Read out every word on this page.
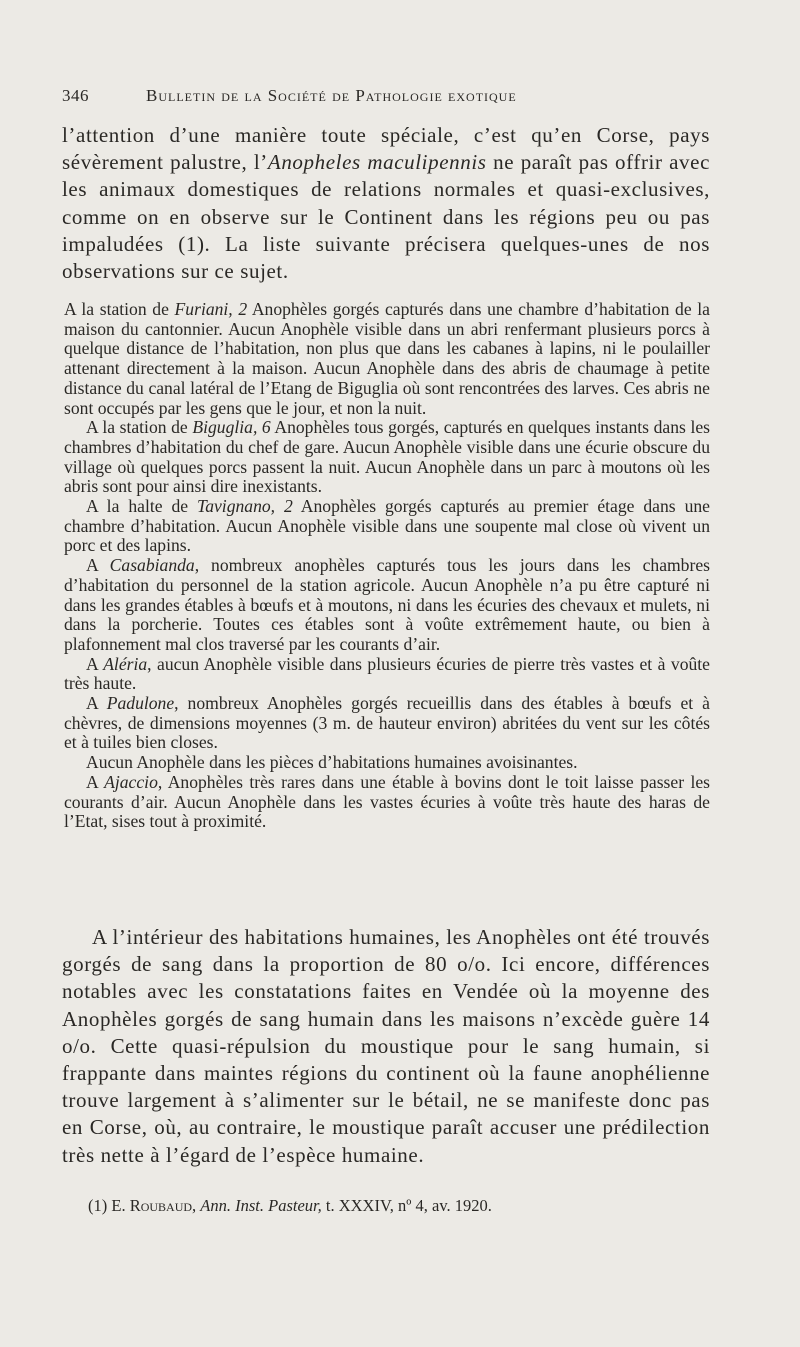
346	Bulletin de la Société de Pathologie exotique

l’attention d’une manière toute spéciale, c’est qu’en Corse, pays sévèrement palustre, l’Anopheles maculipennis ne paraît pas offrir avec les animaux domestiques de relations normales et quasi-exclusives, comme on en observe sur le Continent dans les régions peu ou pas impaludées (1). La liste suivante précisera quelques-unes de nos observations sur ce sujet.

A la station de Furiani, 2 Anophèles gorgés capturés dans une chambre d’habitation de la maison du cantonnier. Aucun Anophèle visible dans un abri renfermant plusieurs porcs à quelque distance de l’habitation, non plus que dans les cabanes à lapins, ni le poulailler attenant directement à la maison. Aucun Anophèle dans des abris de chaumage à petite distance du canal latéral de l’Etang de Biguglia où sont rencontrées des larves. Ces abris ne sont occupés par les gens que le jour, et non la nuit.

A la station de Biguglia, 6 Anophèles tous gorgés, capturés en quelques instants dans les chambres d’habitation du chef de gare. Aucun Anophèle visible dans une écurie obscure du village où quelques porcs passent la nuit. Aucun Anophèle dans un parc à moutons où les abris sont pour ainsi dire inexistants.

A la halte de Tavignano, 2 Anophèles gorgés capturés au premier étage dans une chambre d’habitation. Aucun Anophèle visible dans une soupente mal close où vivent un porc et des lapins.

A Casabianda, nombreux anophèles capturés tous les jours dans les chambres d’habitation du personnel de la station agricole. Aucun Anophèle n’a pu être capturé ni dans les grandes étables à bœufs et à moutons, ni dans les écuries des chevaux et mulets, ni dans la porcherie. Toutes ces étables sont à voûte extrêmement haute, ou bien à plafonnement mal clos traversé par les courants d’air.

A Aléria, aucun Anophèle visible dans plusieurs écuries de pierre très vastes et à voûte très haute.

A Padulone, nombreux Anophèles gorgés recueillis dans des étables à bœufs et à chèvres, de dimensions moyennes (3 m. de hauteur environ) abritées du vent sur les côtés et à tuiles bien closes.

Aucun Anophèle dans les pièces d’habitations humaines avoisinantes.

A Ajaccio, Anophèles très rares dans une étable à bovins dont le toit laisse passer les courants d’air. Aucun Anophèle dans les vastes écuries à voûte très haute des haras de l’Etat, sises tout à proximité.

A l’intérieur des habitations humaines, les Anophèles ont été trouvés gorgés de sang dans la proportion de 80 o/o. Ici encore, différences notables avec les constatations faites en Vendée où la moyenne des Anophèles gorgés de sang humain dans les maisons n’excède guère 14 o/o. Cette quasi-répulsion du moustique pour le sang humain, si frappante dans maintes régions du continent où la faune anophélienne trouve largement à s’alimenter sur le bétail, ne se manifeste donc pas en Corse, où, au contraire, le moustique paraît accuser une prédilection très nette à l’égard de l’espèce humaine.

(1) E. Roubaud, Ann. Inst. Pasteur, t. XXXIV, nº 4, av. 1920.
